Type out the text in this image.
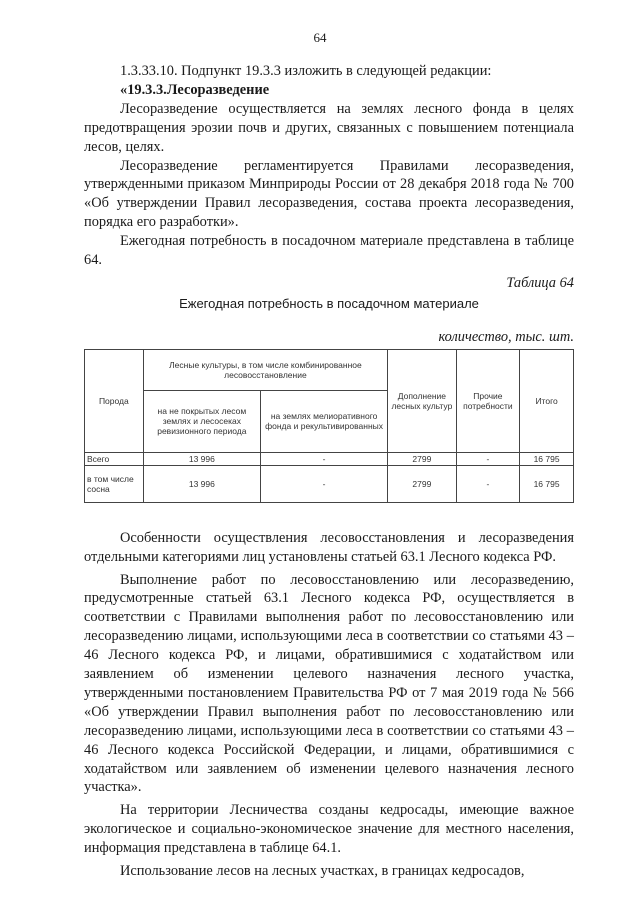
64

1.3.33.10. Подпункт 19.3.3 изложить в следующей редакции:

«19.3.3.Лесоразведение

Лесоразведение осуществляется на землях лесного фонда в целях предотвращения эрозии почв и других, связанных с повышением потенциала лесов, целях.

Лесоразведение регламентируется Правилами лесоразведения, утвержденными приказом Минприроды России от 28 декабря 2018 года № 700 «Об утверждении Правил лесоразведения, состава проекта лесоразведения, порядка его разработки».

Ежегодная потребность в посадочном материале представлена в таблице 64.

Таблица 64

Ежегодная потребность в посадочном материале

количество, тыс. шт.

Порода	Лесные культуры, в том числе комбинированное лесовосстановление		Дополнение лесных культур	Прочие потребности	Итого
	на не покрытых лесом землях и лесосеках ревизионного периода	на землях мелиоративного фонда и рекультивированных			
Всего	13 996	-	2799	-	16 795
в том числе сосна	13 996	-	2799	-	16 795

Особенности осуществления лесовосстановления и лесоразведения отдельными категориями лиц установлены статьей 63.1 Лесного кодекса РФ.

Выполнение работ по лесовосстановлению или лесоразведению, предусмотренные статьей 63.1 Лесного кодекса РФ, осуществляется в соответствии с Правилами выполнения работ по лесовосстановлению или лесоразведению лицами, использующими леса в соответствии со статьями 43 – 46 Лесного кодекса РФ, и лицами, обратившимися с ходатайством или заявлением об изменении целевого назначения лесного участка, утвержденными постановлением Правительства РФ от 7 мая 2019 года № 566 «Об утверждении Правил выполнения работ по лесовосстановлению или лесоразведению лицами, использующими леса в соответствии со статьями 43 – 46 Лесного кодекса Российской Федерации, и лицами, обратившимися с ходатайством или заявлением об изменении целевого назначения лесного участка».

На территории Лесничества созданы кедросады, имеющие важное экологическое и социально-экономическое значение для местного населения, информация представлена в таблице 64.1.

Использование лесов на лесных участках, в границах кедросадов,
